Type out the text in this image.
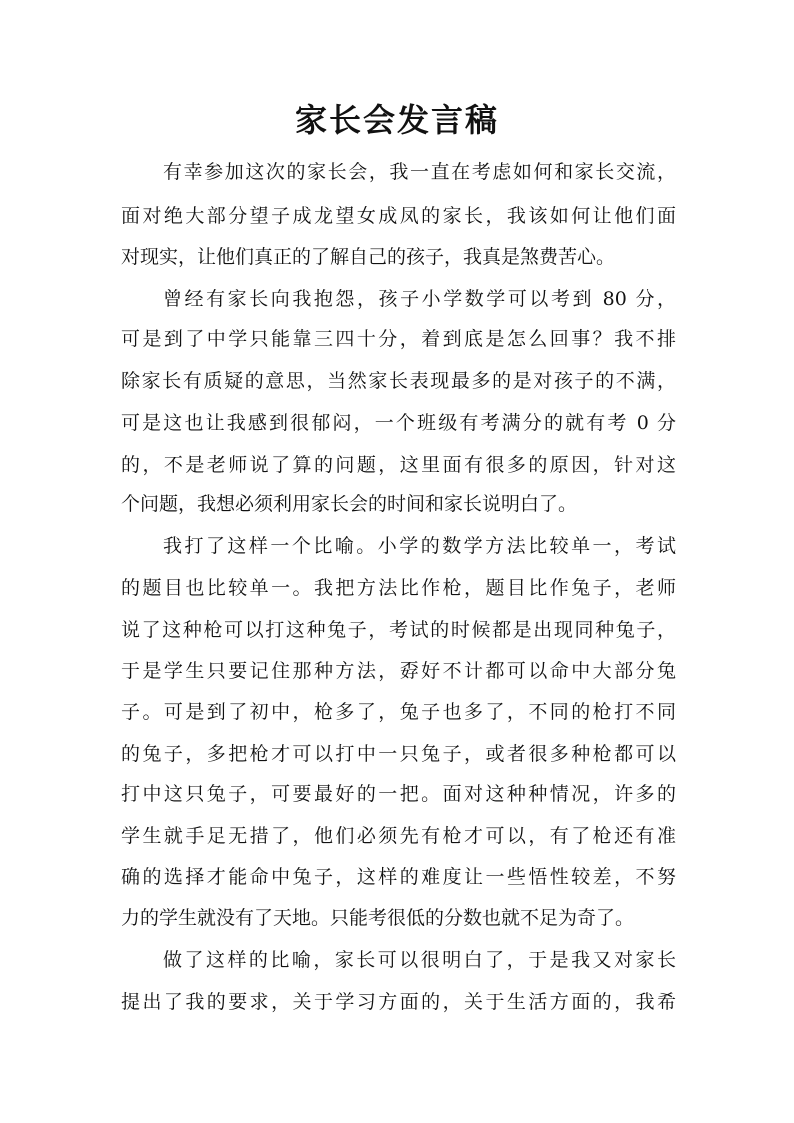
家长会发言稿
有幸参加这次的家长会，我一直在考虑如何和家长交流，
面对绝大部分望子成龙望女成凤的家长，我该如何让他们面
对现实，让他们真正的了解自己的孩子，我真是煞费苦心。
曾经有家长向我抱怨，孩子小学数学可以考到 80 分，
可是到了中学只能靠三四十分，着到底是怎么回事？我不排
除家长有质疑的意思，当然家长表现最多的是对孩子的不满，
可是这也让我感到很郁闷，一个班级有考满分的就有考 0 分
的，不是老师说了算的问题，这里面有很多的原因，针对这
个问题，我想必须利用家长会的时间和家长说明白了。
我打了这样一个比喻。小学的数学方法比较单一，考试
的题目也比较单一。我把方法比作枪，题目比作兔子，老师
说了这种枪可以打这种兔子，考试的时候都是出现同种兔子，
于是学生只要记住那种方法，孬好不计都可以命中大部分兔
子。可是到了初中，枪多了，兔子也多了，不同的枪打不同
的兔子，多把枪才可以打中一只兔子，或者很多种枪都可以
打中这只兔子，可要最好的一把。面对这种种情况，许多的
学生就手足无措了，他们必须先有枪才可以，有了枪还有准
确的选择才能命中兔子，这样的难度让一些悟性较差，不努
力的学生就没有了天地。只能考很低的分数也就不足为奇了。
做了这样的比喻，家长可以很明白了，于是我又对家长
提出了我的要求，关于学习方面的，关于生活方面的，我希
